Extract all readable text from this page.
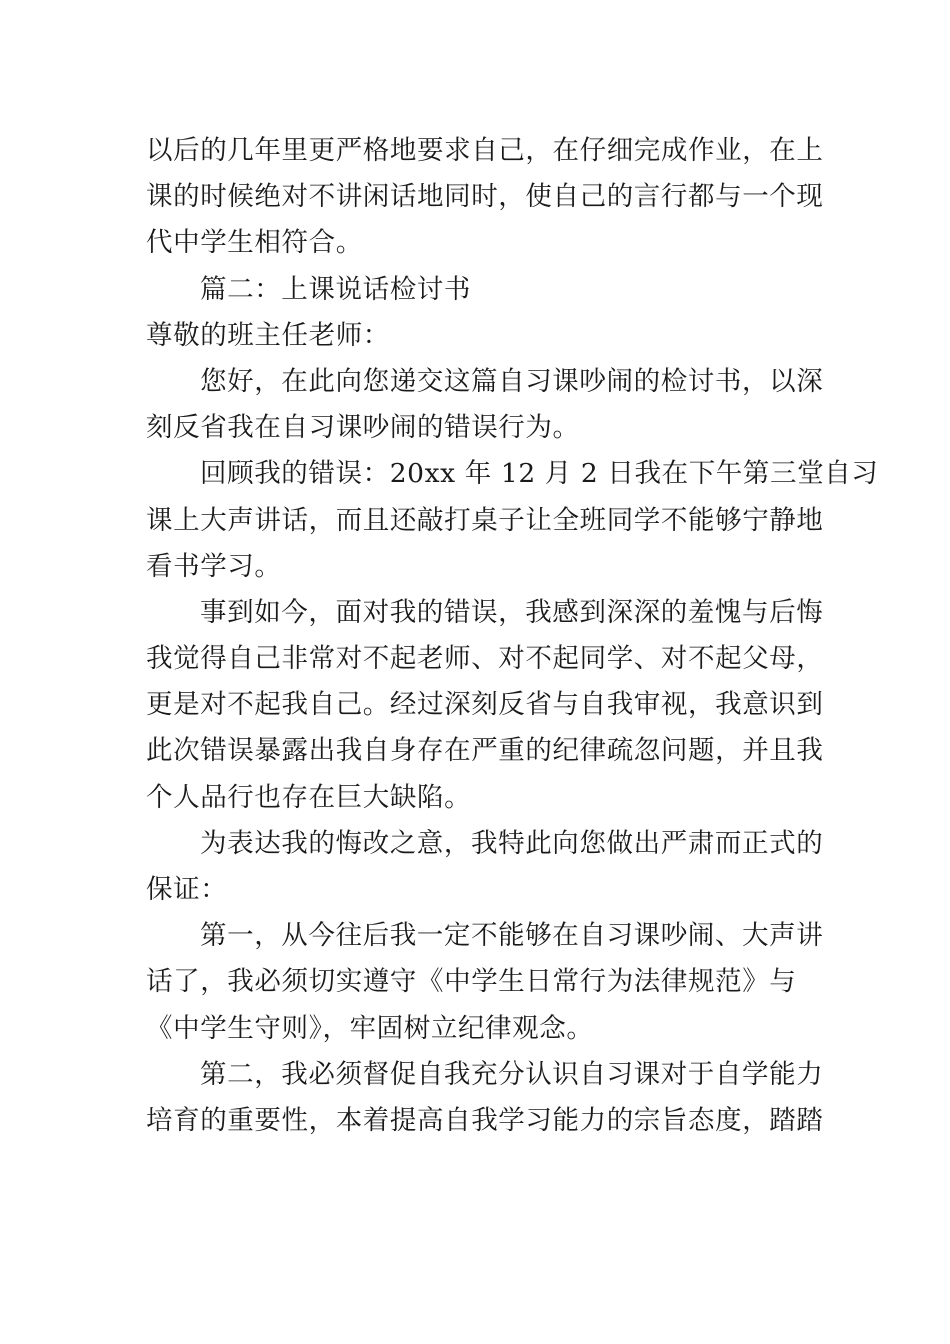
以后的几年里更严格地要求自己，在仔细完成作业，在上
课的时候绝对不讲闲话地同时，使自己的言行都与一个现
代中学生相符合。
篇二：上课说话检讨书
尊敬的班主任老师：
您好，在此向您递交这篇自习课吵闹的检讨书，以深
刻反省我在自习课吵闹的错误行为。
回顾我的错误：20xx 年 12 月 2 日我在下午第三堂自习
课上大声讲话，而且还敲打桌子让全班同学不能够宁静地
看书学习。
事到如今，面对我的错误，我感到深深的羞愧与后悔
我觉得自己非常对不起老师、对不起同学、对不起父母，
更是对不起我自己。经过深刻反省与自我审视，我意识到
此次错误暴露出我自身存在严重的纪律疏忽问题，并且我
个人品行也存在巨大缺陷。
为表达我的悔改之意，我特此向您做出严肃而正式的
保证：
第一，从今往后我一定不能够在自习课吵闹、大声讲
话了，我必须切实遵守《中学生日常行为法律规范》与
《中学生守则》，牢固树立纪律观念。
第二，我必须督促自我充分认识自习课对于自学能力
培育的重要性，本着提高自我学习能力的宗旨态度，踏踏
